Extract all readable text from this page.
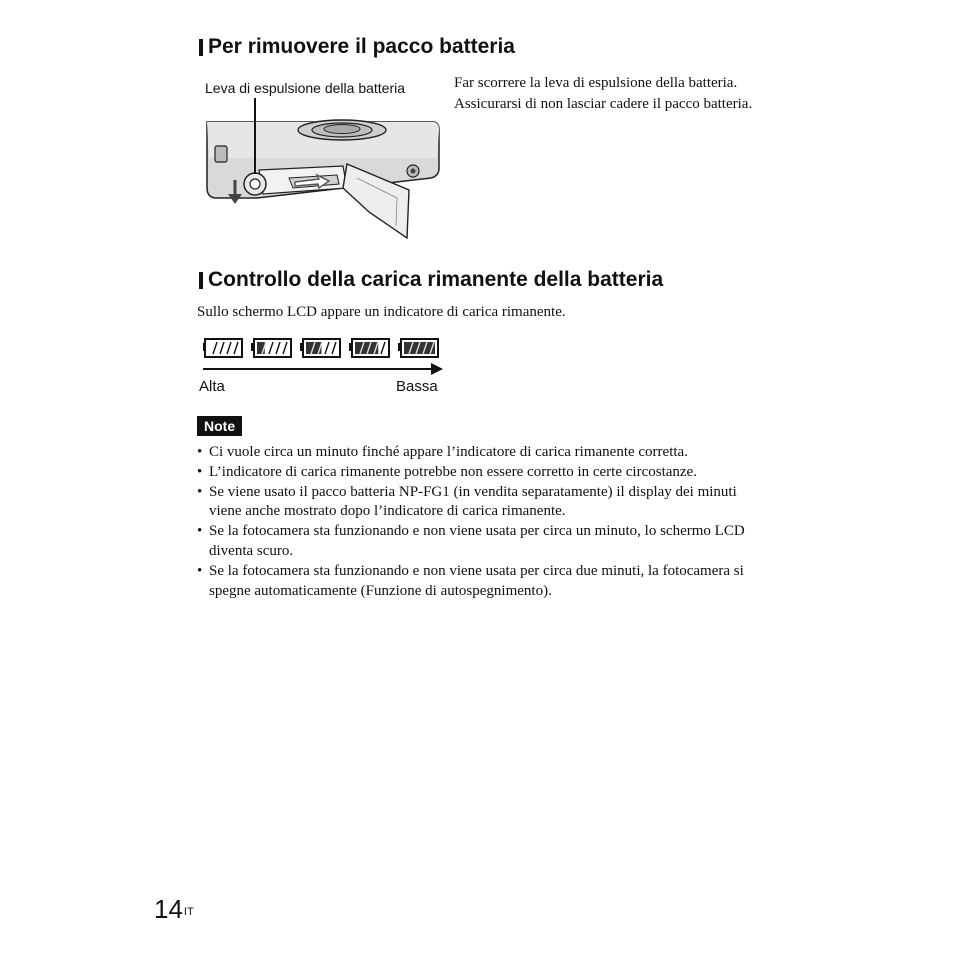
Per rimuovere il pacco batteria
Leva di espulsione della batteria	Far scorrere la leva di espulsione della batteria. Assicurarsi di non lasciar cadere il pacco batteria.
Controllo della carica rimanente della batteria
Sullo schermo LCD appare un indicatore di carica rimanente.
Alta	Bassa
Note
• Ci vuole circa un minuto finché appare l’indicatore di carica rimanente corretta.
• L’indicatore di carica rimanente potrebbe non essere corretto in certe circostanze.
• Se viene usato il pacco batteria NP-FG1 (in vendita separatamente) il display dei minuti viene anche mostrato dopo l’indicatore di carica rimanente.
• Se la fotocamera sta funzionando e non viene usata per circa un minuto, lo schermo LCD diventa scuro.
• Se la fotocamera sta funzionando e non viene usata per circa due minuti, la fotocamera si spegne automaticamente (Funzione di autospegnimento).
$14^{IT}$
